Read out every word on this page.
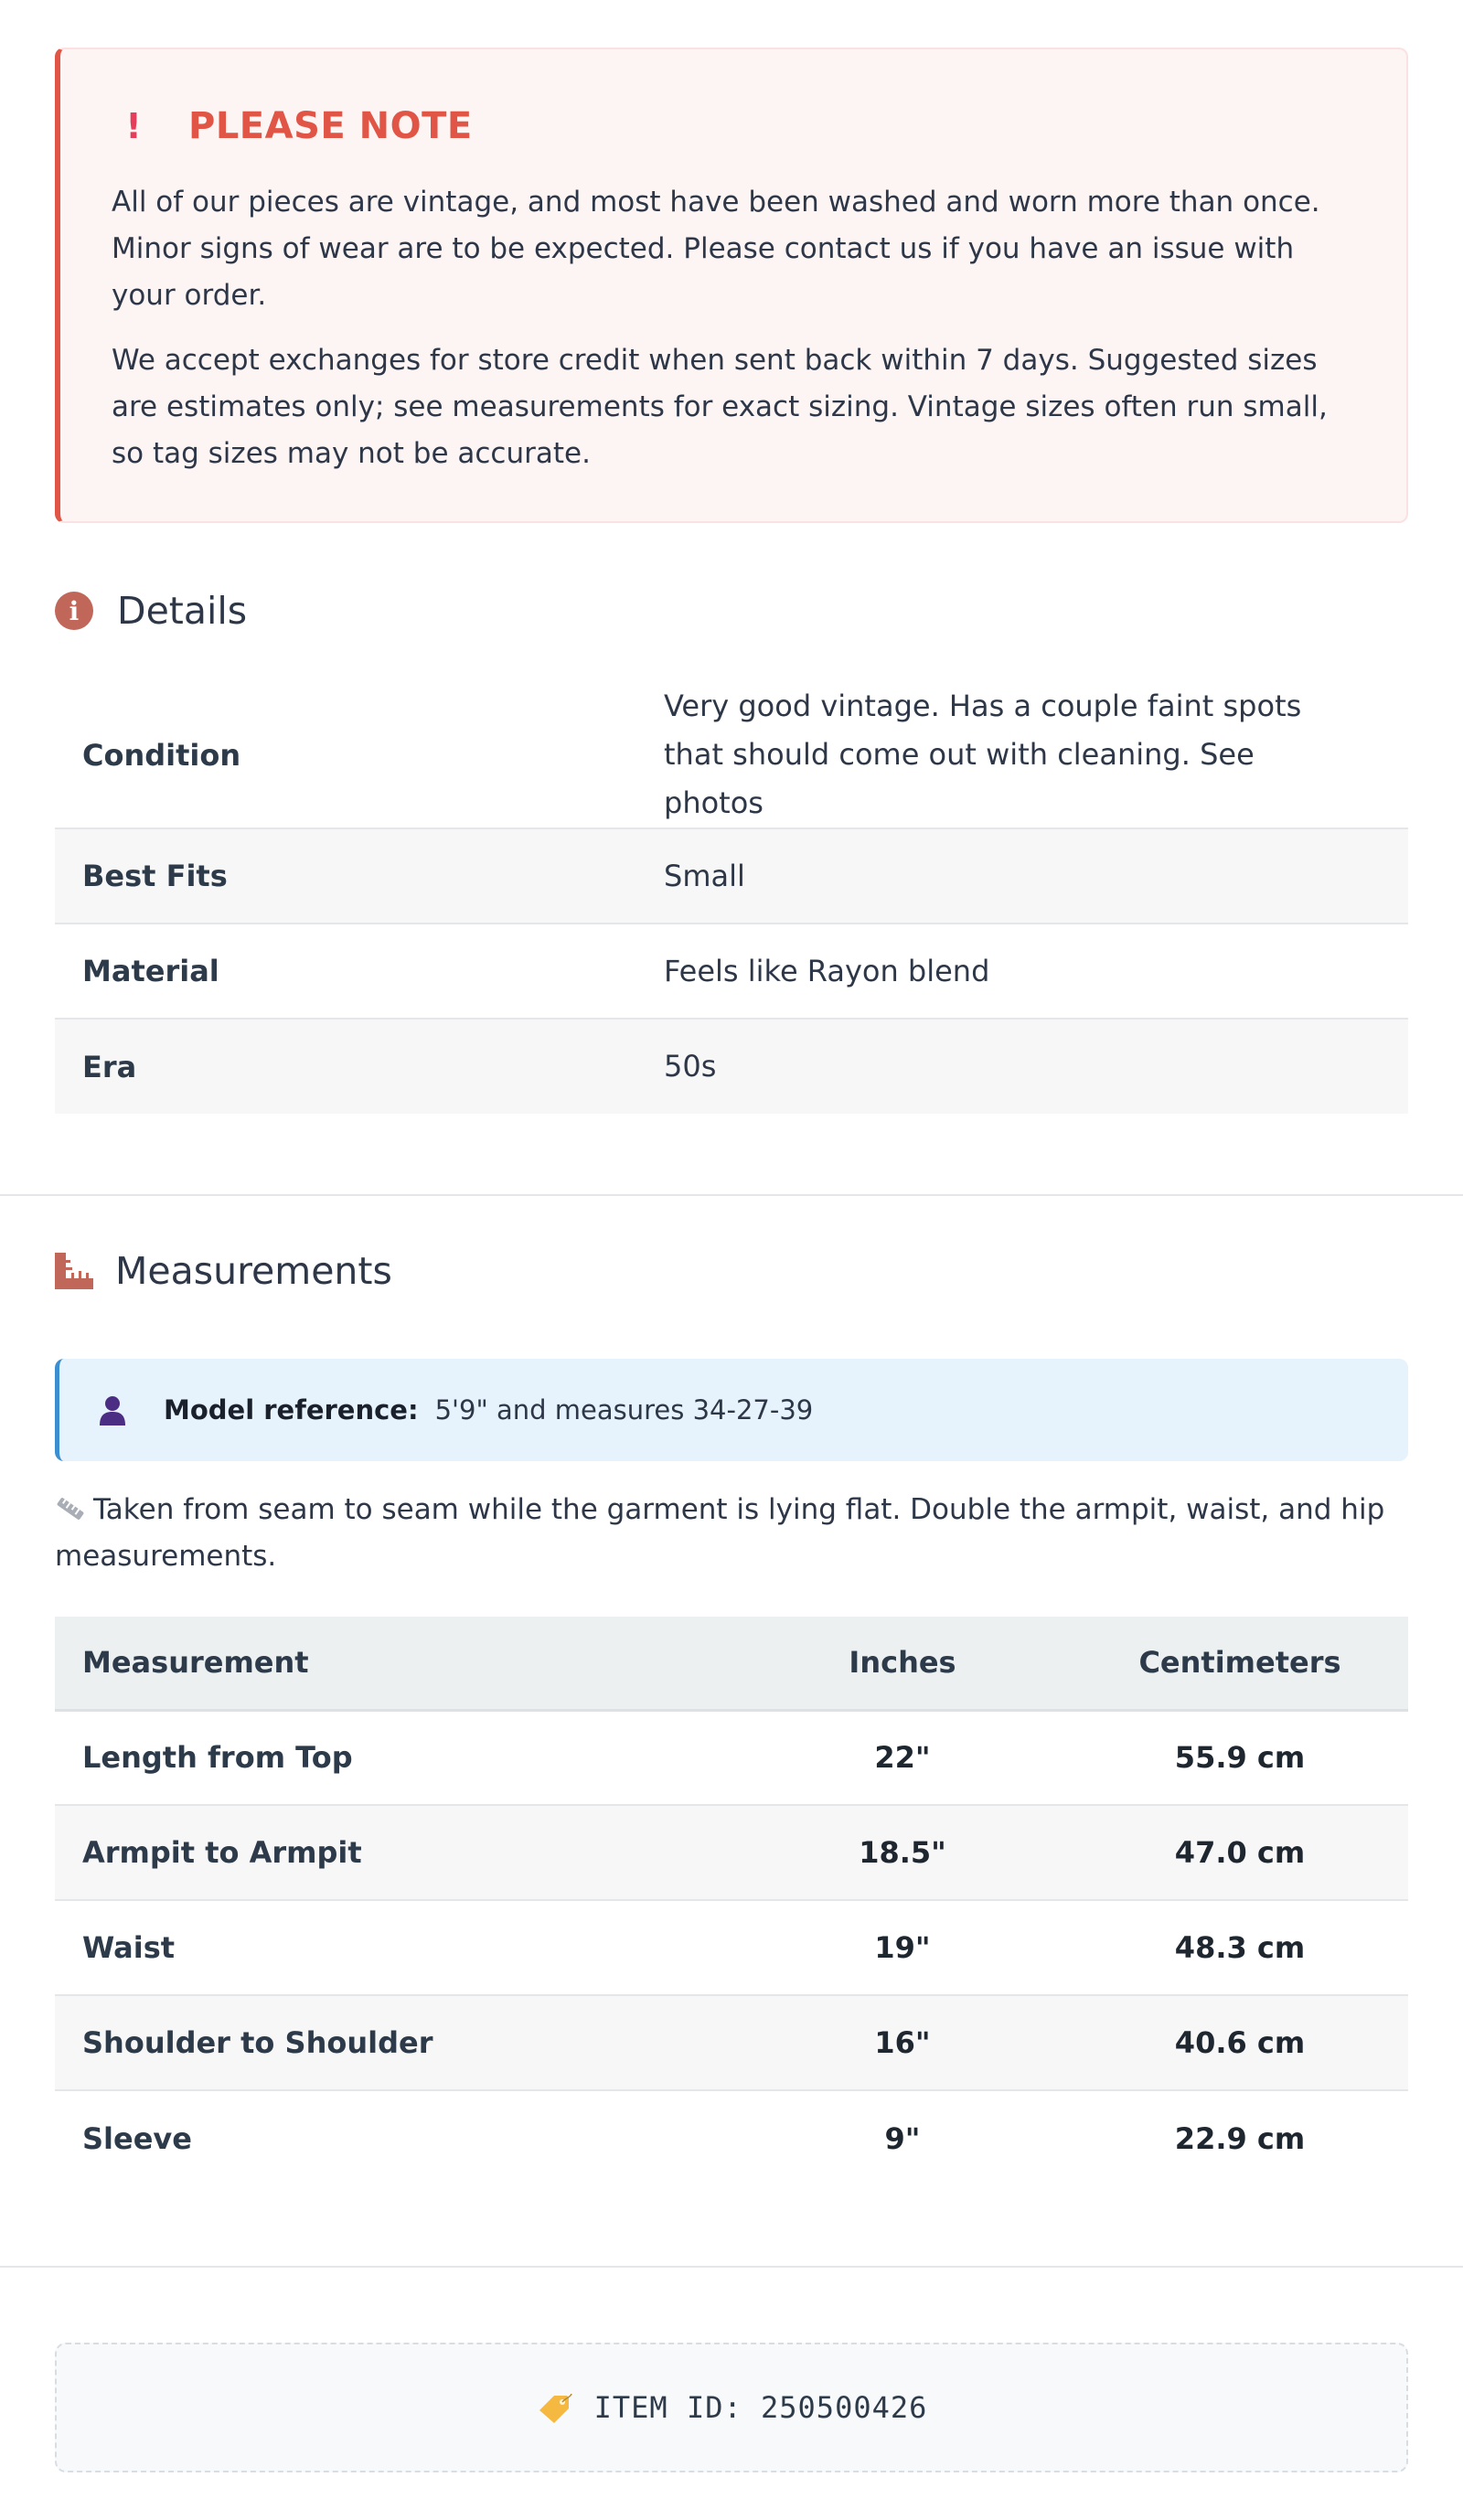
! PLEASE NOTE

All of our pieces are vintage, and most have been washed and worn more than once. Minor signs of wear are to be expected. Please contact us if you have an issue with your order.

We accept exchanges for store credit when sent back within 7 days. Suggested sizes are estimates only; see measurements for exact sizing. Vintage sizes often run small, so tag sizes may not be accurate.

i	Details
Condition	Very good vintage. Has a couple faint spots that should come out with cleaning. See photos
Best Fits	Small
Material	Feels like Rayon blend
Era	50s
Measurements
Model reference: 5'9" and measures 34-27-39
Taken from seam to seam while the garment is lying flat. Double the armpit, waist, and hip measurements.
Measurement	Inches	Centimeters
Length from Top	22"	55.9 cm
Armpit to Armpit	18.5"	47.0 cm
Waist	19"	48.3 cm
Shoulder to Shoulder	16"	40.6 cm
Sleeve	9"	22.9 cm
ITEM ID: 250500426
